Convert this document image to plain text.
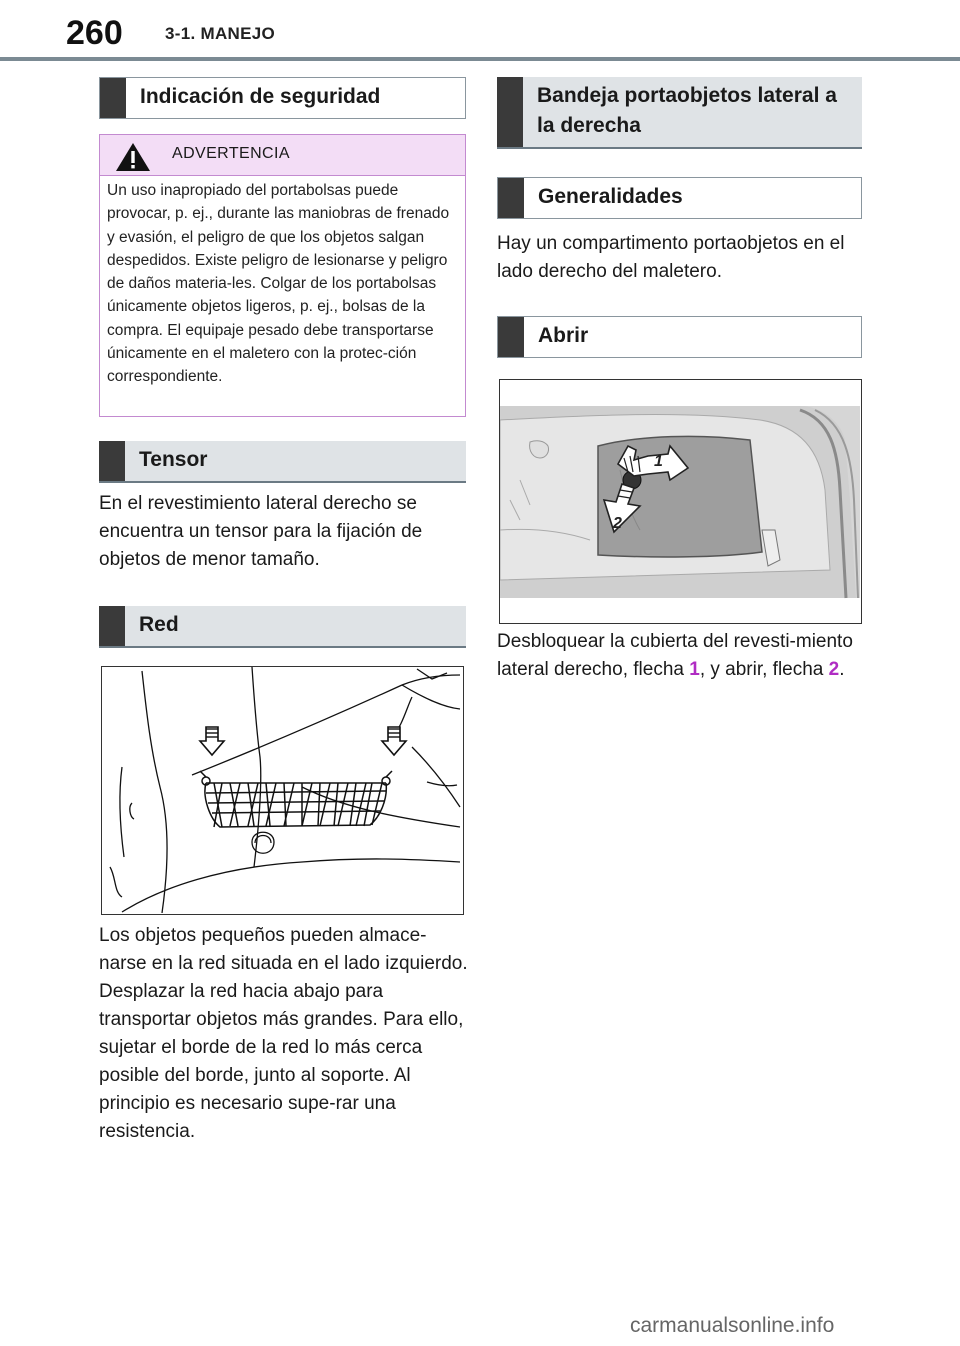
260 3-1. MANEJO
Indicación de seguridad
ADVERTENCIA
Un uso inapropiado del portabolsas puede provocar, p. ej., durante las maniobras de frenado y evasión, el peligro de que los objetos salgan despedidos. Existe peligro de lesionarse y peligro de daños materia-les. Colgar de los portabolsas únicamente objetos ligeros, p. ej., bolsas de la compra. El equipaje pesado debe transportarse únicamente en el maletero con la protec-ción correspondiente.
Tensor
En el revestimiento lateral derecho se encuentra un tensor para la fijación de objetos de menor tamaño.
Red
Los objetos pequeños pueden almace-narse en la red situada en el lado izquierdo. Desplazar la red hacia abajo para transportar objetos más grandes. Para ello, sujetar el borde de la red lo más cerca posible del borde, junto al soporte. Al principio es necesario supe-rar una resistencia.
Bandeja portaobjetos lateral a la derecha
Generalidades
Hay un compartimento portaobjetos en el lado derecho del maletero.
Abrir
1
2
Desbloquear la cubierta del revesti-miento lateral derecho, flecha 1, y abrir, flecha 2.
carmanualsonline.info
